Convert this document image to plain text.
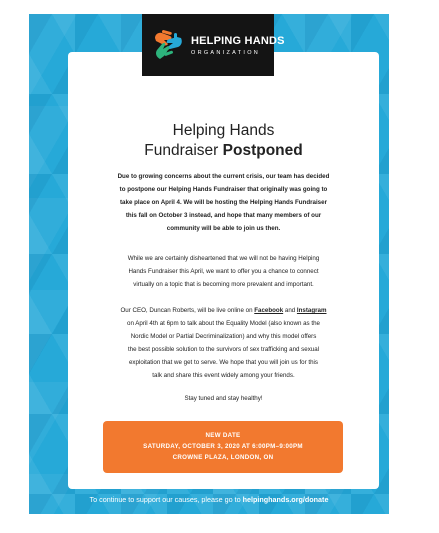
Helping Hands
Fundraiser Postponed
Due to growing concerns about the current crisis, our team has decided
to postpone our Helping Hands Fundraiser that originally was going to
take place on April 4. We will be hosting the Helping Hands Fundraiser
this fall on October 3 instead, and hope that many members of our
community will be able to join us then.
While we are certainly disheartened that we will not be having Helping
Hands Fundraiser this April, we want to offer you a chance to connect
virtually on a topic that is becoming more prevalent and important.
Our CEO, Duncan Roberts, will be live online on Facebook and Instagram
on April 4th at 6pm to talk about the Equality Model (also known as the
Nordic Model or Partial Decriminalization) and why this model offers
the best possible solution to the survivors of sex trafficking and sexual
exploitation that we get to serve. We hope that you will join us for this
talk and share this event widely among your friends.
Stay tuned and stay healthy!
NEW DATE
SATURDAY, OCTOBER 3, 2020 AT 6:00PM–9:00PM
CROWNE PLAZA, LONDON, ON
HELPING HANDS
ORGANIZATION
To continue to support our causes, please go to helpinghands.org/donate
